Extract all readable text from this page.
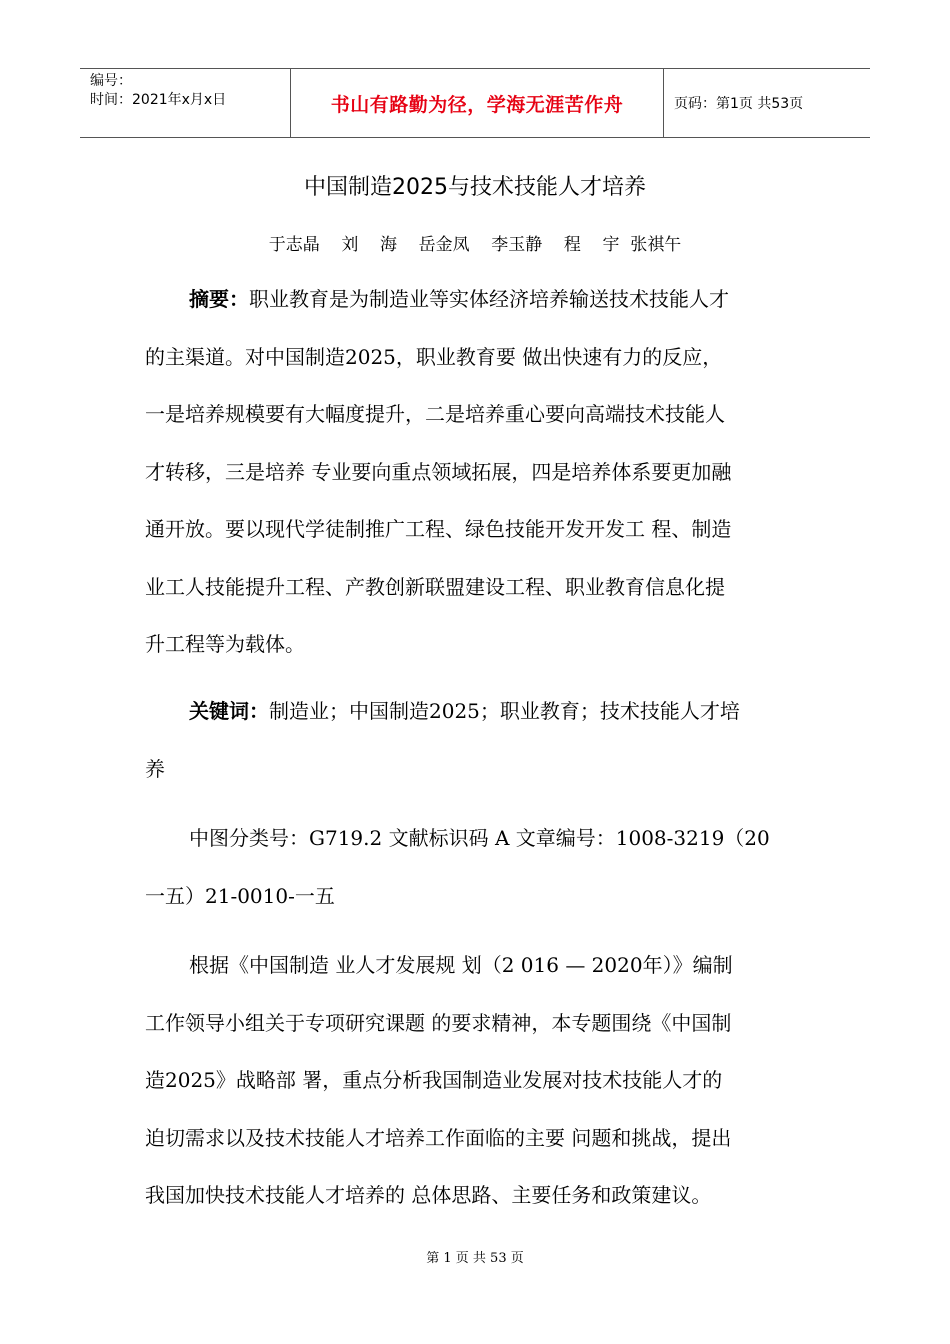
编号：
时间：2021年x月x日	书山有路勤为径，学海无涯苦作舟	页码：第1页 共53页
中国制造2025与技术技能人才培养
于志晶    刘    海    岳金凤    李玉静    程    宇  张祺午

摘要：职业教育是为制造业等实体经济培养输送技术技能人才

的主渠道。对中国制造2025，职业教育要 做出快速有力的反应，

一是培养规模要有大幅度提升，二是培养重心要向高端技术技能人

才转移，三是培养 专业要向重点领域拓展，四是培养体系要更加融

通开放。要以现代学徒制推广工程、绿色技能开发开发工 程、制造

业工人技能提升工程、产教创新联盟建设工程、职业教育信息化提

升工程等为载体。

关键词：制造业；中国制造2025；职业教育；技术技能人才培

养

中图分类号：G719.2 文献标识码 A 文章编号：1008-3219（20

一五）21-0010-一五

根据《中国制造 业人才发展规 划（2 016 — 2020年）》编制

工作领导小组关于专项研究课题 的要求精神，本专题围绕《中国制

造2025》战略部 署，重点分析我国制造业发展对技术技能人才的

迫切需求以及技术技能人才培养工作面临的主要 问题和挑战，提出

我国加快技术技能人才培养的 总体思路、主要任务和政策建议。

第 1 页 共 53 页
